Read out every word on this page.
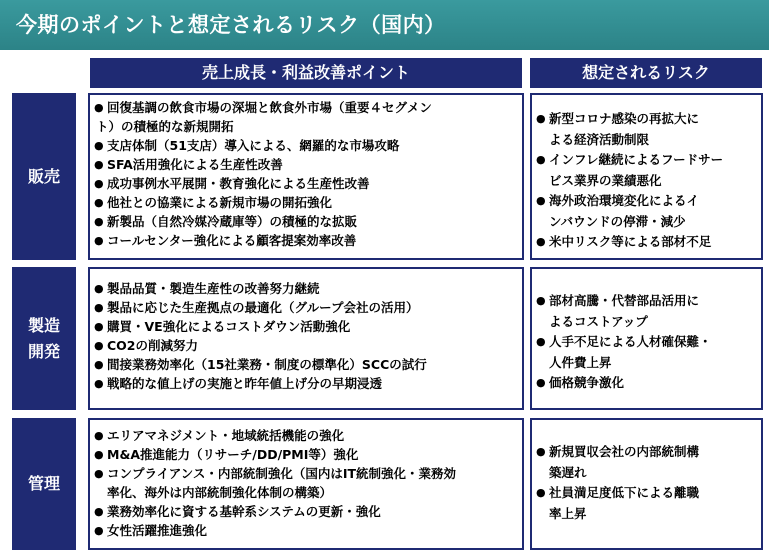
今期のポイントと想定されるリスク（国内）
売上成長・利益改善ポイント	想定されるリスク
販売
● 回復基調の飲食市場の深堀と飲食外市場（重要４セグメン
ト）の積極的な新規開拓
● 支店体制（51支店）導入による、網羅的な市場攻略
● SFA活用強化による生産性改善
● 成功事例水平展開・教育強化による生産性改善
● 他社との協業による新規市場の開拓強化
● 新製品（自然冷媒冷蔵庫等）の積極的な拡販
● コールセンター強化による顧客提案効率改善
● 新型コロナ感染の再拡大に
よる経済活動制限
● インフレ継続によるフードサー
ビス業界の業績悪化
● 海外政治環境変化によるイ
ンバウンドの停滞・減少
● 米中リスク等による部材不足
製造
開発
● 製品品質・製造生産性の改善努力継続
● 製品に応じた生産拠点の最適化（グループ会社の活用）
● 購買・VE強化によるコストダウン活動強化
● CO2の削減努力
● 間接業務効率化（15社業務・制度の標準化）SCCの試行
● 戦略的な値上げの実施と昨年値上げ分の早期浸透
● 部材高騰・代替部品活用に
よるコストアップ
● 人手不足による人材確保難・
人件費上昇
● 価格競争激化
管理
● エリアマネジメント・地域統括機能の強化
● M&A推進能力（リサーチ/DD/PMI等）強化
● コンプライアンス・内部統制強化（国内はIT統制強化・業務効
率化、海外は内部統制強化体制の構築）
● 業務効率化に資する基幹系システムの更新・強化
● 女性活躍推進強化
● 新規買収会社の内部統制構
築遅れ
● 社員満足度低下による離職
率上昇
